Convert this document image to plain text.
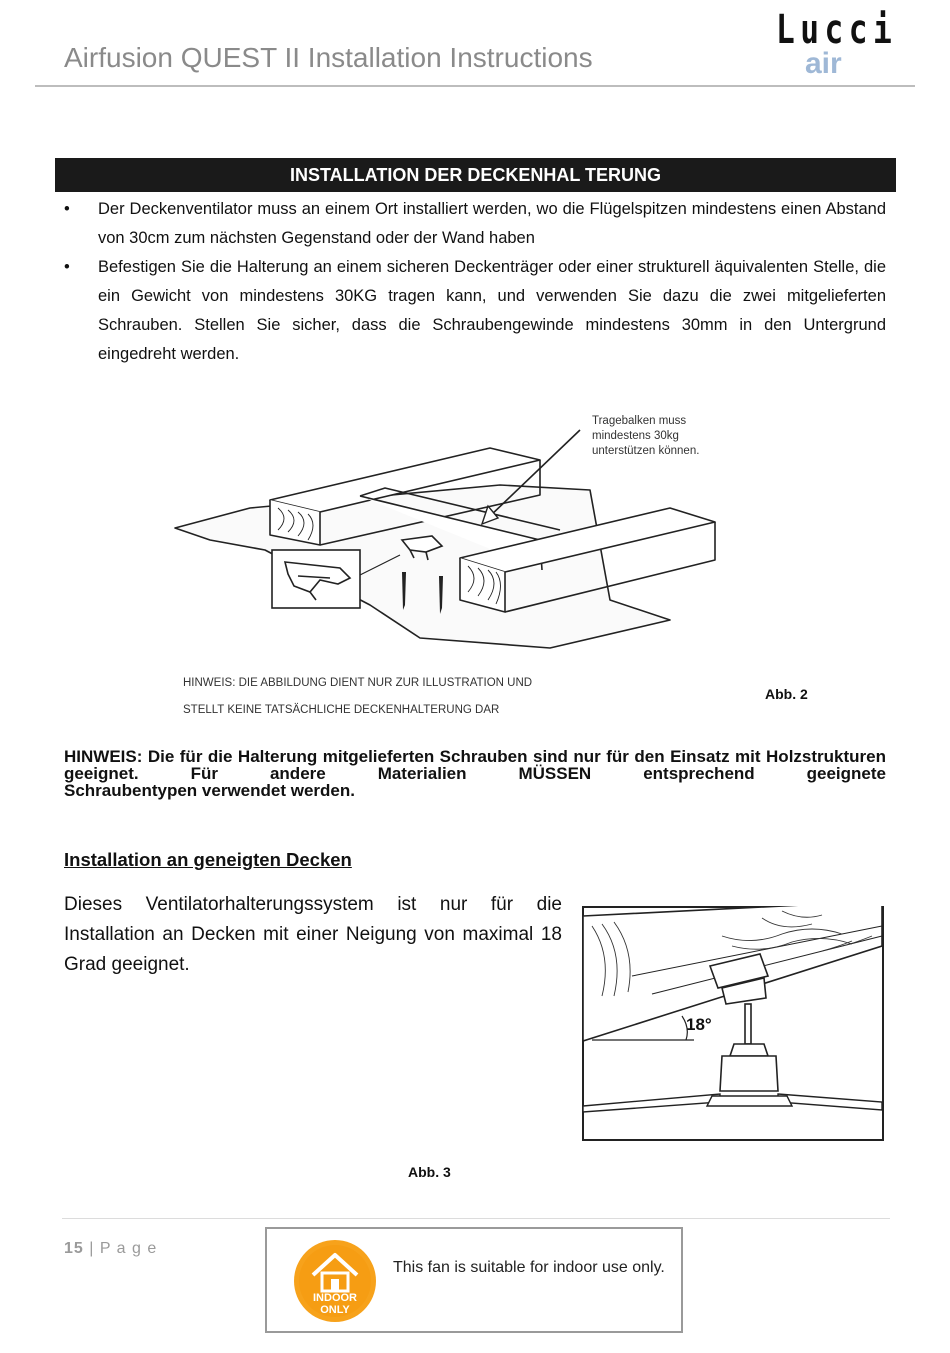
Airfusion QUEST II Installation Instructions
Lucci
air
INSTALLATION DER DECKENHAL TERUNG
• Der Deckenventilator muss an einem Ort installiert werden, wo die Flügelspitzen mindestens einen Abstand von 30cm zum nächsten Gegenstand oder der Wand haben
• Befestigen Sie die Halterung an einem sicheren Deckenträger oder einer strukturell äquivalenten Stelle, die ein Gewicht von mindestens 30KG tragen kann, und verwenden Sie dazu die zwei mitgelieferten Schrauben. Stellen Sie sicher, dass die Schraubengewinde mindestens 30mm in den Untergrund eingedreht werden.
Tragebalken muss mindestens 30kg unterstützen können.
HINWEIS: DIE ABBILDUNG DIENT NUR ZUR ILLUSTRATION UND STELLT KEINE TATSÄCHLICHE DECKENHALTERUNG DAR
Abb. 2
HINWEIS: Die für die Halterung mitgelieferten Schrauben sind nur für den Einsatz mit Holzstrukturen geeignet. Für andere Materialien MÜSSEN entsprechend geeignete
Schraubentypen verwendet werden.
Installation an geneigten Decken
Dieses Ventilatorhalterungssystem ist nur für die Installation an Decken mit einer Neigung von maximal 18 Grad geeignet.
18°
Abb. 3
15 | P a g e
INDOOR
ONLY
This fan is suitable for indoor use only.
